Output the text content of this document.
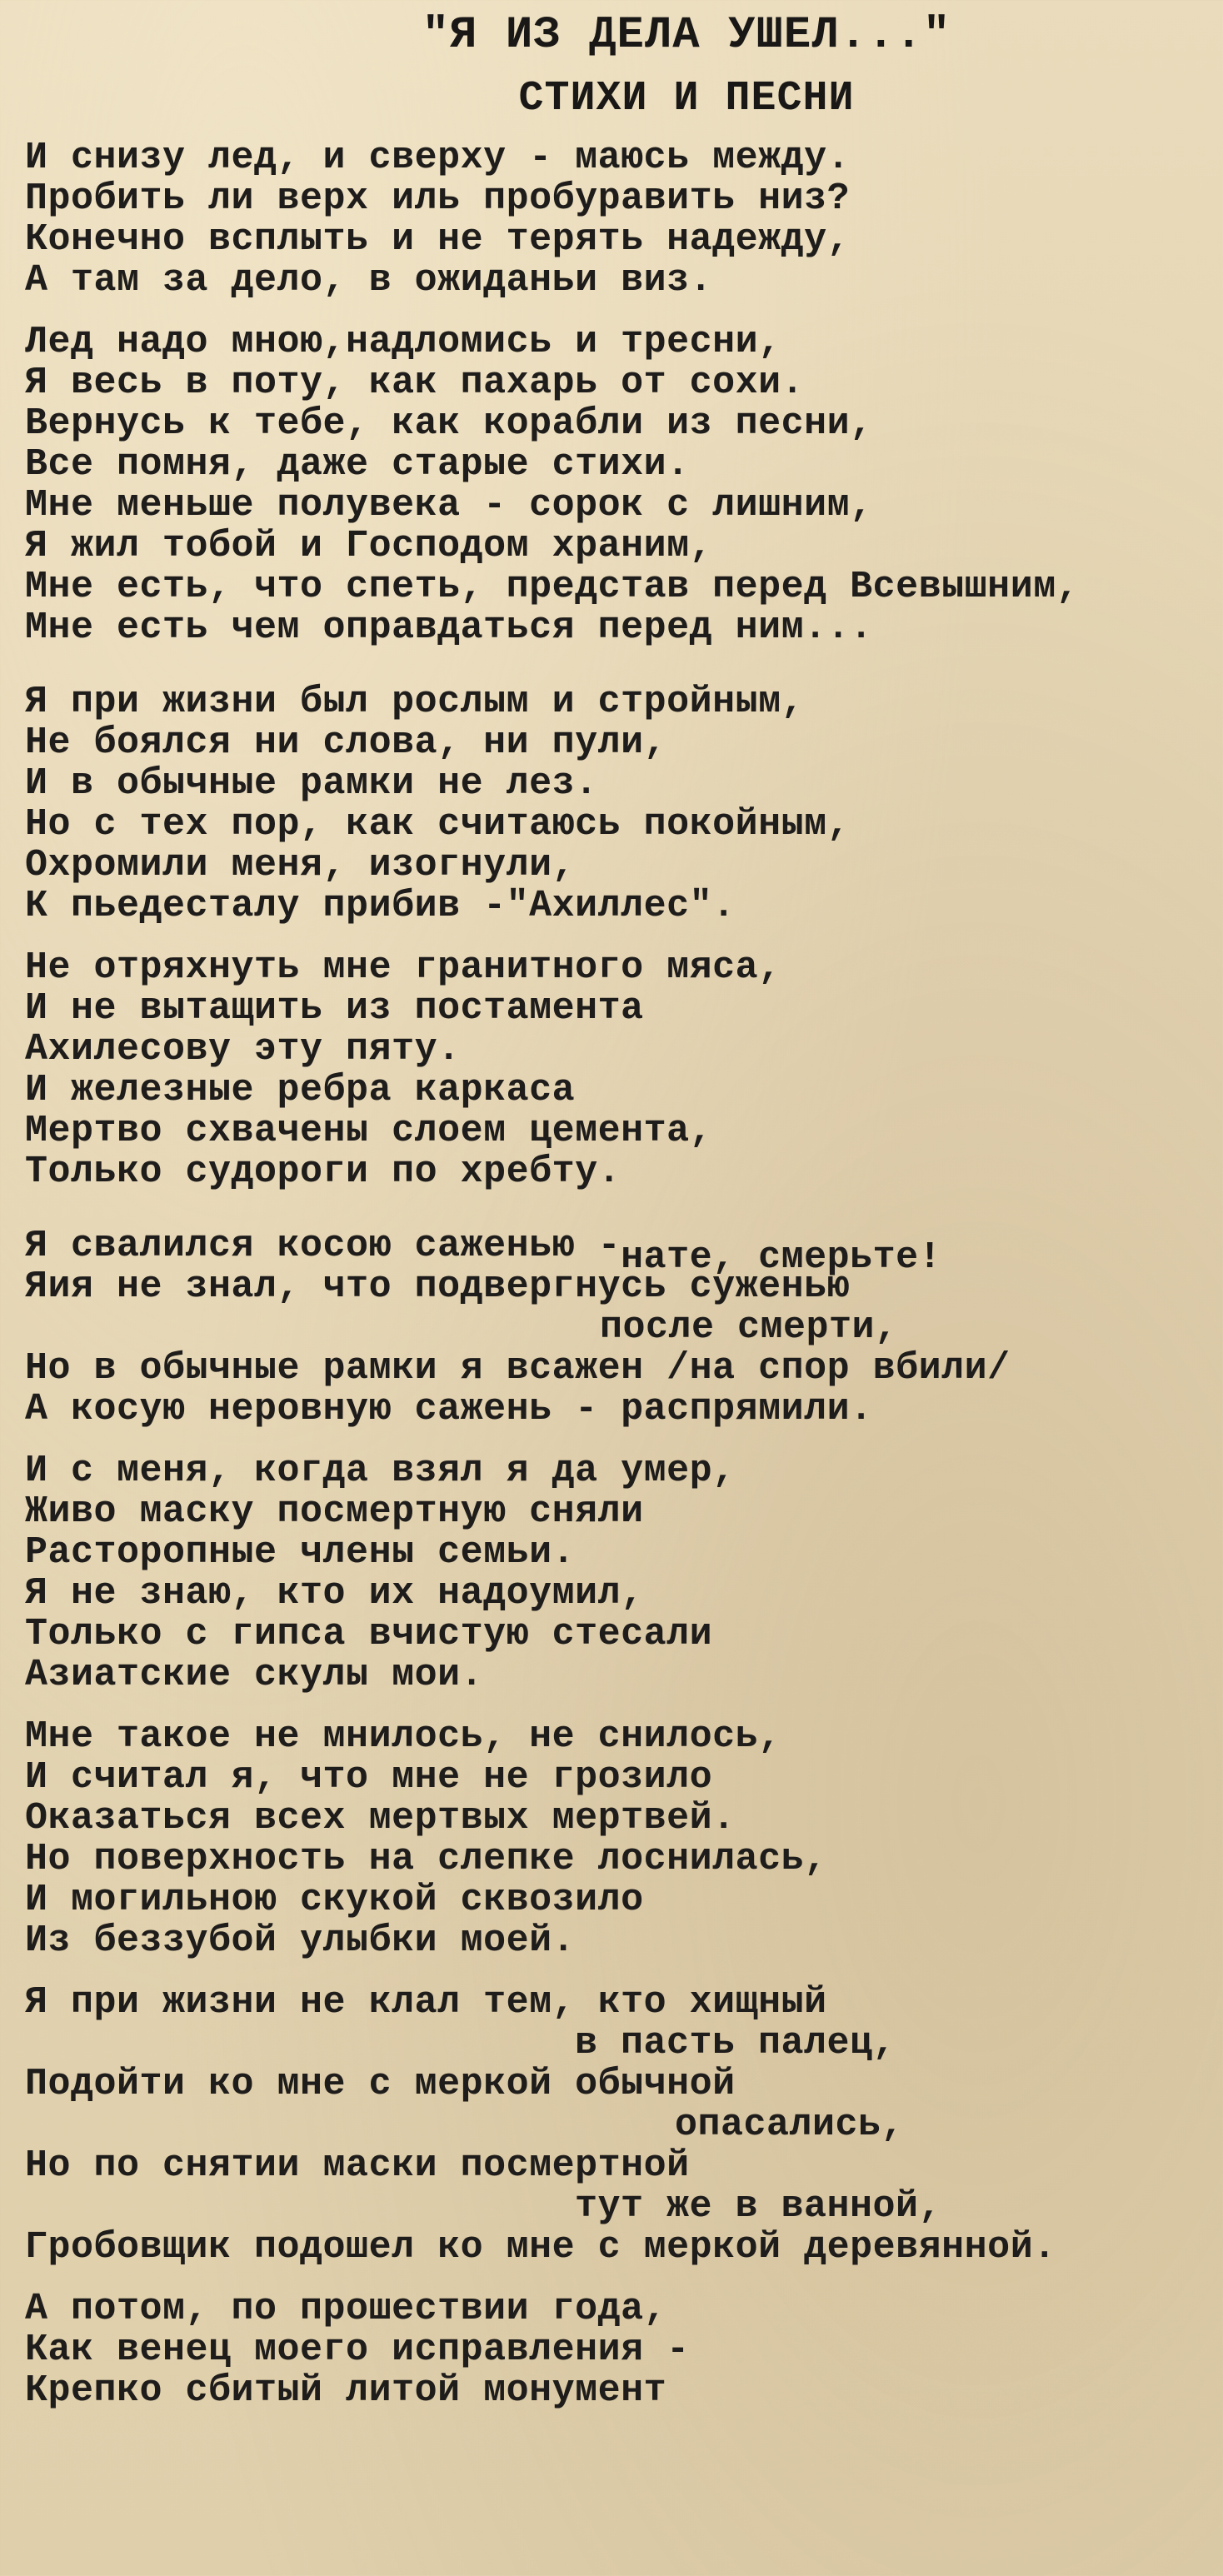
"Я ИЗ ДЕЛА УШЕЛ..."
СТИХИ И ПЕСНИ
И снизу лед, и сверху - маюсь между.
Пробить ли верх иль пробуравить низ?
Конечно всплыть и не терять надежду,
А там за дело, в ожиданьи виз.
Лед надо мною,надломись и тресни,
Я весь в поту, как пахарь от сохи.
Вернусь к тебе, как корабли из песни,
Все помня, даже старые стихи.
Мне меньше полувека - сорок с лишним,
Я жил тобой и Господом храним,
Мне есть, что спеть, представ перед Всевышним,
Мне есть чем оправдаться перед ним...
Я при жизни был рослым и стройным,
Не боялся ни слова, ни пули,
И в обычные рамки не лез.
Но с тех пор, как считаюсь покойным,
Охромили меня, изогнули,
К пьедесталу прибив -"Ахиллес".
Не отряхнуть мне гранитного мяса,
И не вытащить из постамента
Ахилесову эту пяту.
И железные ребра каркаса
Мертво схвачены слоем цемента,
Только судороги по хребту.
Я свалился косою саженью -нате, смерьте!
Яия не знал, что подвергнусь суженью
после смерти,
Но в обычные рамки я всажен /на спор вбили/
А косую неровную сажень - распрямили.
И с меня, когда взял я да умер,
Живо маску посмертную сняли
Расторопные члены семьи.
Я не знаю, кто их надоумил,
Только с гипса вчистую стесали
Азиатские скулы мои.
Мне такое не мнилось, не снилось,
И считал я, что мне не грозило
Оказаться всех мертвых мертвей.
Но поверхность на слепке лоснилась,
И могильною скукой сквозило
Из беззубой улыбки моей.
Я при жизни не клал тем, кто хищный
в пасть палец,
Подойти ко мне с меркой обычной
опасались,
Но по снятии маски посмертной
тут же в ванной,
Гробовщик подошел ко мне с меркой деревянной.
А потом, по прошествии года,
Как венец моего исправления -
Крепко сбитый литой монумент
